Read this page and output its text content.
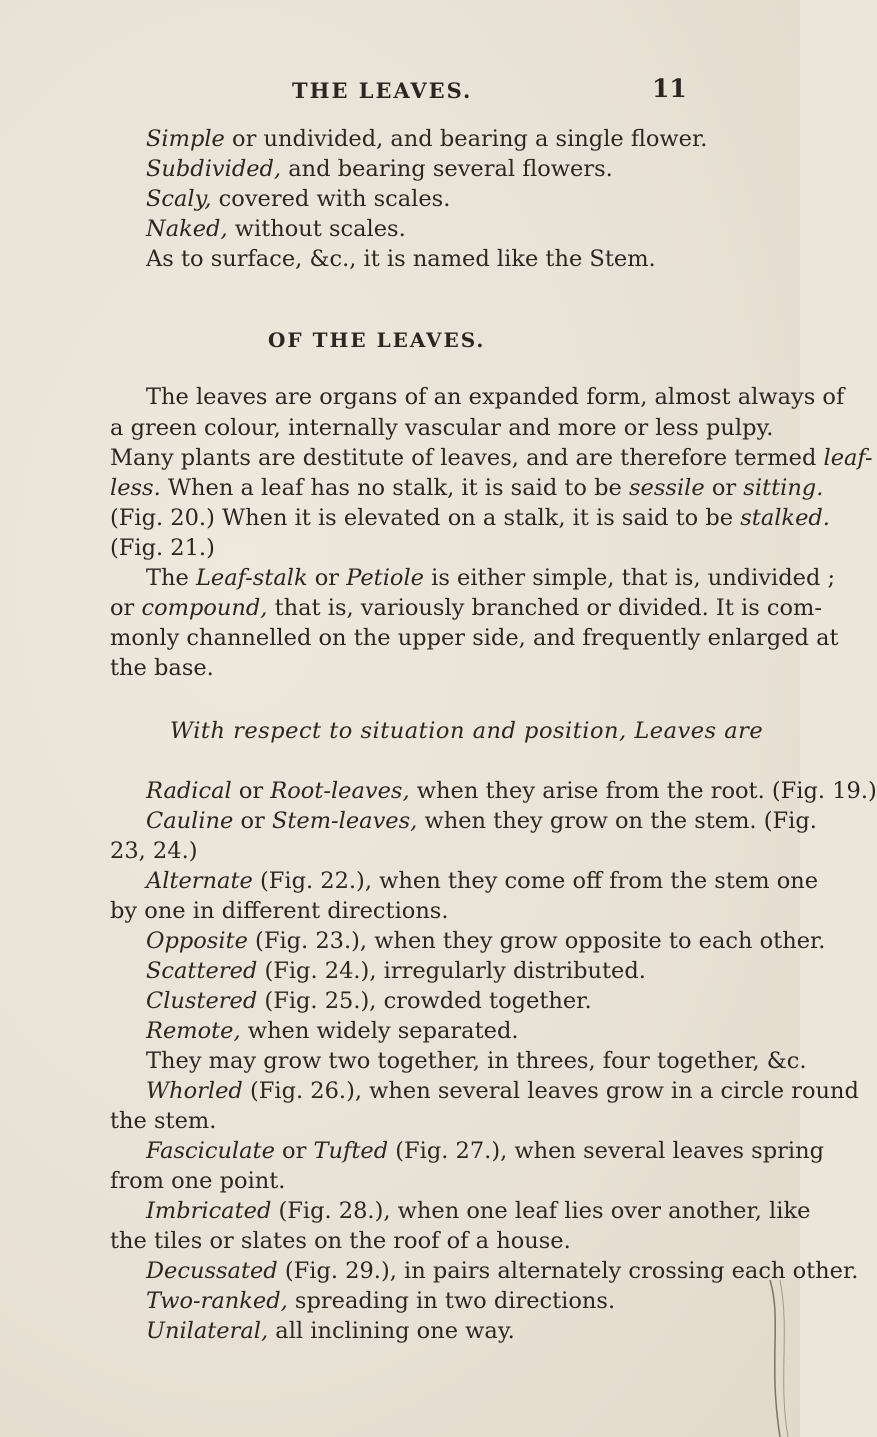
THE LEAVES.	11
Simple or undivided, and bearing a single flower.
Subdivided, and bearing several flowers.
Scaly, covered with scales.
Naked, without scales.
As to surface, &c., it is named like the Stem.
OF THE LEAVES.
The leaves are organs of an expanded form, almost always of
a green colour, internally vascular and more or less pulpy.
Many plants are destitute of leaves, and are therefore termed leaf-
less. When a leaf has no stalk, it is said to be sessile or sitting.
(Fig. 20.) When it is elevated on a stalk, it is said to be stalked.
(Fig. 21.)
The Leaf-stalk or Petiole is either simple, that is, undivided ;
or compound, that is, variously branched or divided. It is com-
monly channelled on the upper side, and frequently enlarged at
the base.
With respect to situation and position, Leaves are
Radical or Root-leaves, when they arise from the root. (Fig. 19.)
Cauline or Stem-leaves, when they grow on the stem. (Fig.
23, 24.)
Alternate (Fig. 22.), when they come off from the stem one
by one in different directions.
Opposite (Fig. 23.), when they grow opposite to each other.
Scattered (Fig. 24.), irregularly distributed.
Clustered (Fig. 25.), crowded together.
Remote, when widely separated.
They may grow two together, in threes, four together, &c.
Whorled (Fig. 26.), when several leaves grow in a circle round
the stem.
Fasciculate or Tufted (Fig. 27.), when several leaves spring
from one point.
Imbricated (Fig. 28.), when one leaf lies over another, like
the tiles or slates on the roof of a house.
Decussated (Fig. 29.), in pairs alternately crossing each other.
Two-ranked, spreading in two directions.
Unilateral, all inclining one way.
